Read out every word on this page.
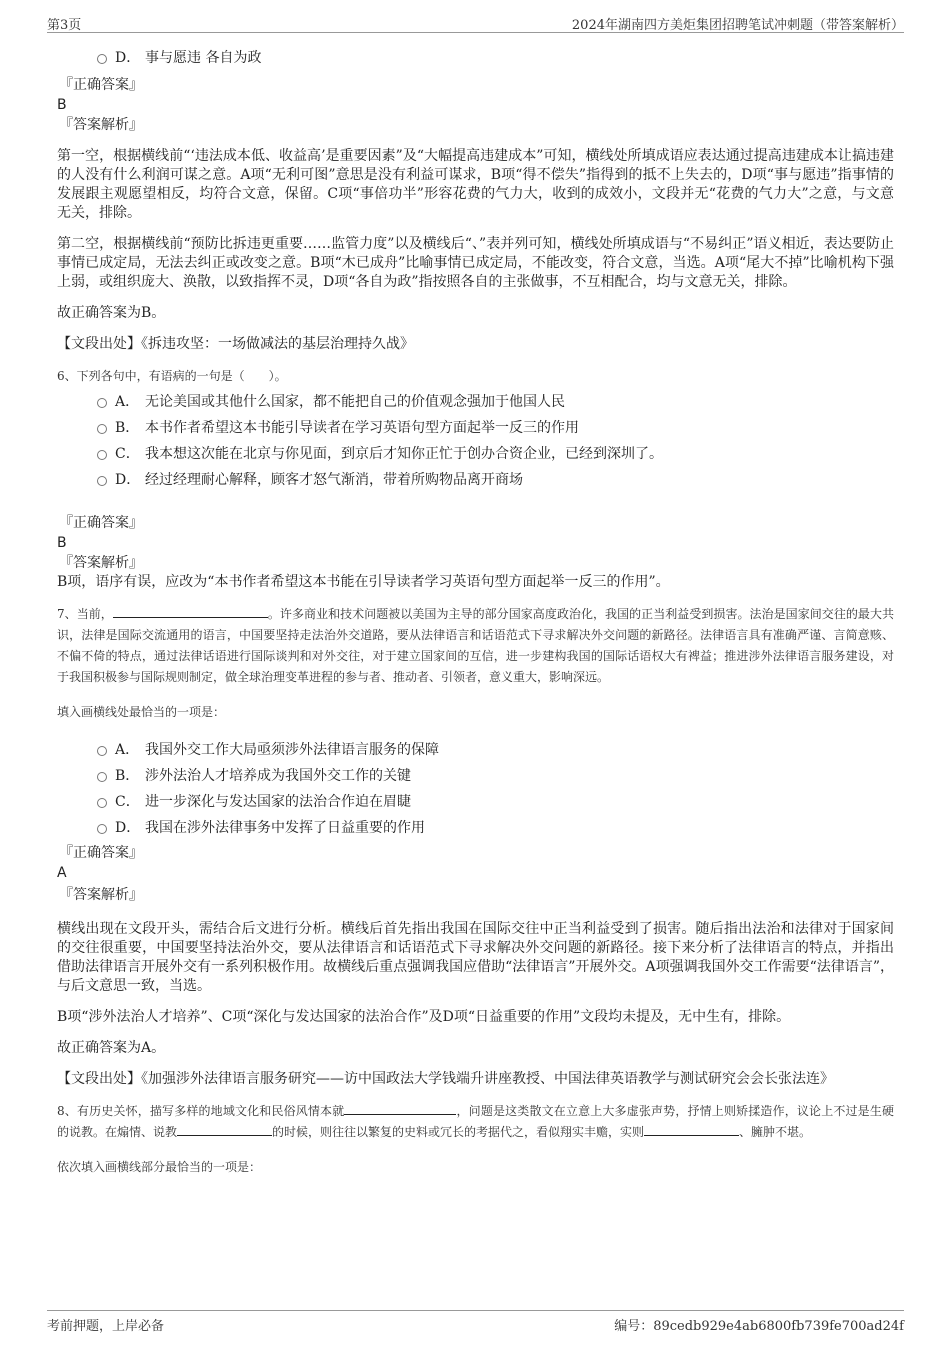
第3页	2024年湖南四方美炬集团招聘笔试冲刺题（带答案解析）
D． 事与愿违 各自为政
『正确答案』
B
『答案解析』

第一空，根据横线前“‘违法成本低、收益高’是重要因素”及“大幅提高违建成本”可知，横线处所填成语应表达通过提高违建成本让搞违建的人没有什么利润可谋之意。A项“无利可图”意思是没有利益可谋求，B项“得不偿失”指得到的抵不上失去的，D项“事与愿违”指事情的发展跟主观愿望相反，均符合文意，保留。C项“事倍功半”形容花费的气力大，收到的成效小，文段并无“花费的气力大”之意，与文意无关，排除。

第二空，根据横线前“预防比拆违更重要……监管力度”以及横线后“、”表并列可知，横线处所填成语与“不易纠正”语义相近，表达要防止事情已成定局，无法去纠正或改变之意。B项“木已成舟”比喻事情已成定局，不能改变，符合文意，当选。A项“尾大不掉”比喻机构下强上弱，或组织庞大、涣散，以致指挥不灵，D项“各自为政”指按照各自的主张做事，不互相配合，均与文意无关，排除。

故正确答案为B。

【文段出处】《拆违攻坚：一场做减法的基层治理持久战》

6、下列各句中，有语病的一句是（　　）。

A． 无论美国或其他什么国家，都不能把自己的价值观念强加于他国人民
B． 本书作者希望这本书能引导读者在学习英语句型方面起举一反三的作用
C． 我本想这次能在北京与你见面，到京后才知你正忙于创办合资企业，已经到深圳了。
D． 经过经理耐心解释，顾客才怒气渐消，带着所购物品离开商场
『正确答案』
B
『答案解析』

B项，语序有误，应改为“本书作者希望这本书能在引导读者学习英语句型方面起举一反三的作用”。

7、当前，	。许多商业和技术问题被以美国为主导的部分国家高度政治化，我国的正当利益受到损害。法治是国家间交往的最大共识，法律是国际交流通用的语言，中国要坚持走法治外交道路，要从法律语言和话语范式下寻求解决外交问题的新路径。法律语言具有准确严谨、言简意赅、不偏不倚的特点，通过法律话语进行国际谈判和对外交往，对于建立国家间的互信，进一步建构我国的国际话语权大有裨益；推进涉外法律语言服务建设，对于我国积极参与国际规则制定，做全球治理变革进程的参与者、推动者、引领者，意义重大，影响深远。

填入画横线处最恰当的一项是：

A． 我国外交工作大局亟须涉外法律语言服务的保障
B． 涉外法治人才培养成为我国外交工作的关键
C． 进一步深化与发达国家的法治合作迫在眉睫
D． 我国在涉外法律事务中发挥了日益重要的作用
『正确答案』
A
『答案解析』

横线出现在文段开头，需结合后文进行分析。横线后首先指出我国在国际交往中正当利益受到了损害。随后指出法治和法律对于国家间的交往很重要，中国要坚持法治外交，要从法律语言和话语范式下寻求解决外交问题的新路径。接下来分析了法律语言的特点，并指出借助法律语言开展外交有一系列积极作用。故横线后重点强调我国应借助“法律语言”开展外交。A项强调我国外交工作需要“法律语言”，与后文意思一致，当选。

B项“涉外法治人才培养”、C项“深化与发达国家的法治合作”及D项“日益重要的作用”文段均未提及，无中生有，排除。

故正确答案为A。

【文段出处】《加强涉外法律语言服务研究——访中国政法大学钱端升讲座教授、中国法律英语教学与测试研究会会长张法连》

8、有历史关怀，描写多样的地域文化和民俗风情本就	，问题是这类散文在立意上大多虚张声势，抒情上则矫揉造作，议论上不过是生硬的说教。在煽情、说教	的时候，则往往以繁复的史料或冗长的考据代之，看似翔实丰赡，实则	、臃肿不堪。

依次填入画横线部分最恰当的一项是：

考前押题，上岸必备	编号：89cedb929e4ab6800fb739fe700ad24f
